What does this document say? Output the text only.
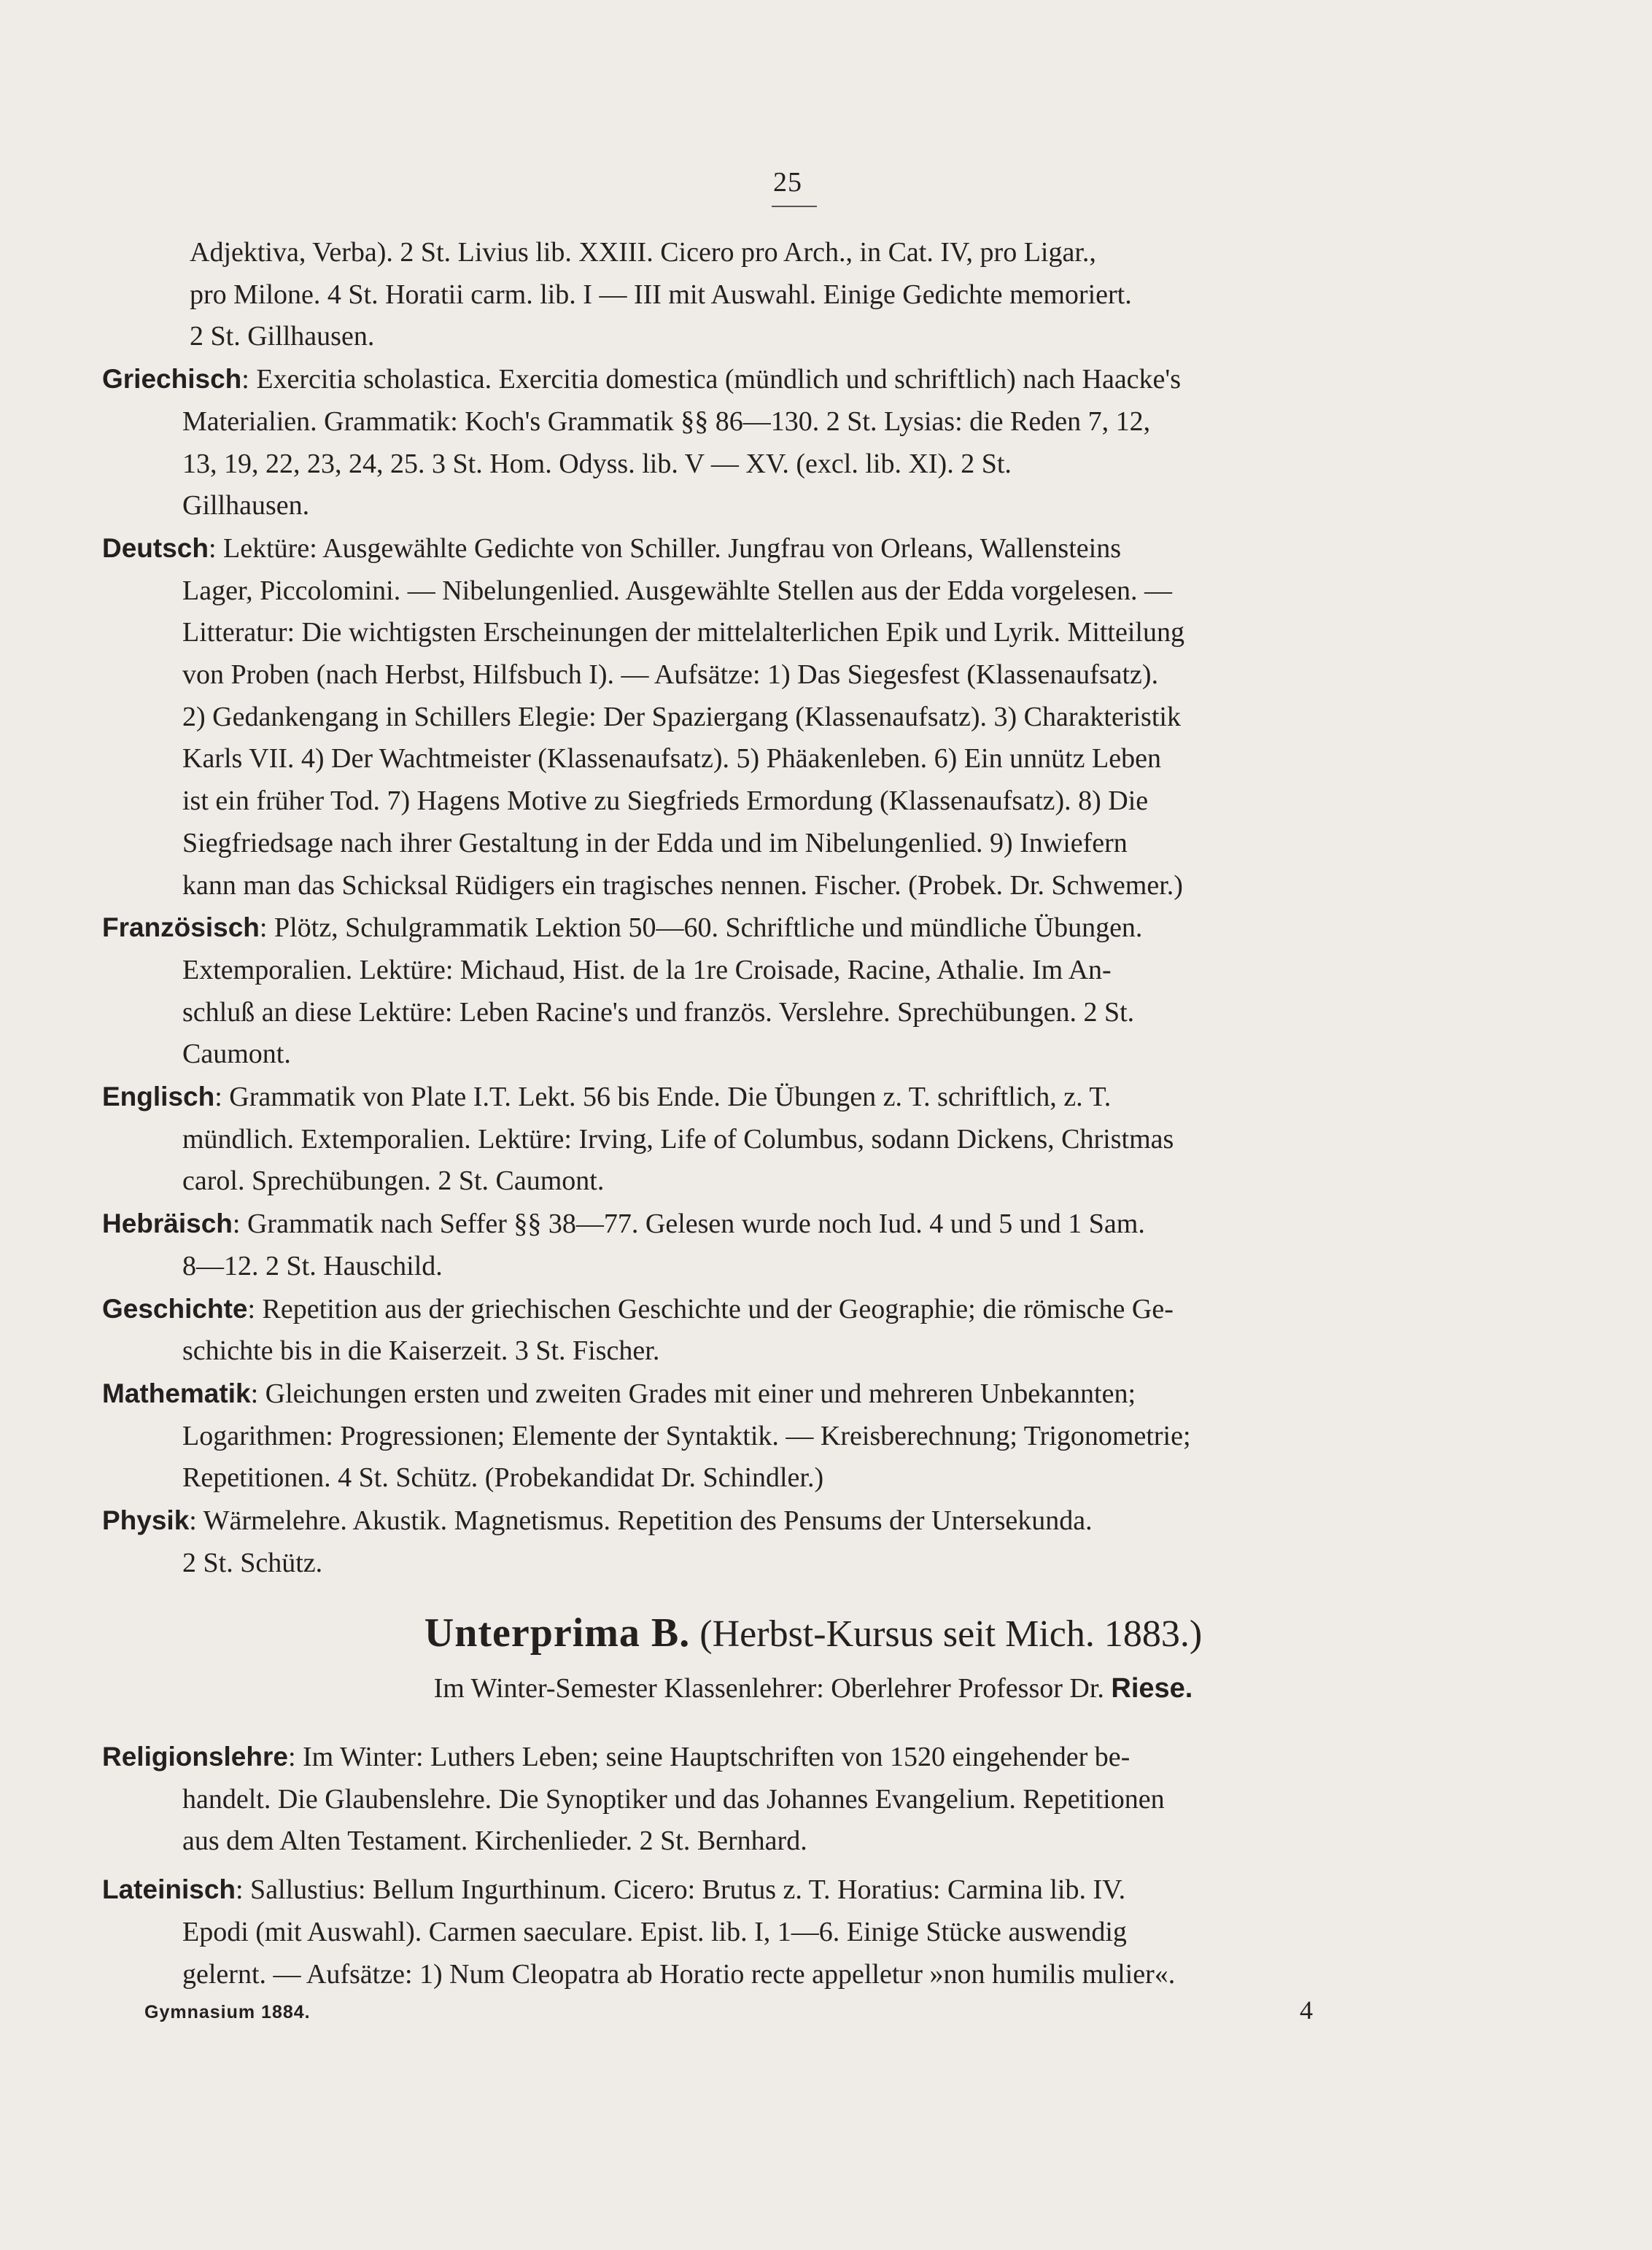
25

Adjektiva, Verba). 2 St. Livius lib. XXIII. Cicero pro Arch., in Cat. IV, pro Ligar.,
pro Milone. 4 St. Horatii carm. lib. I — III mit Auswahl. Einige Gedichte memoriert.
2 St. Gillhausen.

Griechisch: Exercitia scholastica. Exercitia domestica (mündlich und schriftlich) nach Haacke's
Materialien. Grammatik: Koch's Grammatik §§ 86—130. 2 St. Lysias: die Reden 7, 12,
13, 19, 22, 23, 24, 25. 3 St. Hom. Odyss. lib. V — XV. (excl. lib. XI). 2 St.
Gillhausen.

Deutsch: Lektüre: Ausgewählte Gedichte von Schiller. Jungfrau von Orleans, Wallensteins
Lager, Piccolomini. — Nibelungenlied. Ausgewählte Stellen aus der Edda vorgelesen. —
Litteratur: Die wichtigsten Erscheinungen der mittelalterlichen Epik und Lyrik. Mitteilung
von Proben (nach Herbst, Hilfsbuch I). — Aufsätze: 1) Das Siegesfest (Klassenaufsatz).
2) Gedankengang in Schillers Elegie: Der Spaziergang (Klassenaufsatz). 3) Charakteristik
Karls VII. 4) Der Wachtmeister (Klassenaufsatz). 5) Phäakenleben. 6) Ein unnütz Leben
ist ein früher Tod. 7) Hagens Motive zu Siegfrieds Ermordung (Klassenaufsatz). 8) Die
Siegfriedsage nach ihrer Gestaltung in der Edda und im Nibelungenlied. 9) Inwiefern
kann man das Schicksal Rüdigers ein tragisches nennen. Fischer. (Probek. Dr. Schwemer.)

Französisch: Plötz, Schulgrammatik Lektion 50—60. Schriftliche und mündliche Übungen.
Extemporalien. Lektüre: Michaud, Hist. de la 1re Croisade, Racine, Athalie. Im An-
schluß an diese Lektüre: Leben Racine's und französ. Verslehre. Sprechübungen. 2 St.
Caumont.

Englisch: Grammatik von Plate I.T. Lekt. 56 bis Ende. Die Übungen z. T. schriftlich, z. T.
mündlich. Extemporalien. Lektüre: Irving, Life of Columbus, sodann Dickens, Christmas
carol. Sprechübungen. 2 St. Caumont.

Hebräisch: Grammatik nach Seffer §§ 38—77. Gelesen wurde noch Iud. 4 und 5 und 1 Sam.
8—12. 2 St. Hauschild.

Geschichte: Repetition aus der griechischen Geschichte und der Geographie; die römische Ge-
schichte bis in die Kaiserzeit. 3 St. Fischer.

Mathematik: Gleichungen ersten und zweiten Grades mit einer und mehreren Unbekannten;
Logarithmen: Progressionen; Elemente der Syntaktik. — Kreisberechnung; Trigonometrie;
Repetitionen. 4 St. Schütz. (Probekandidat Dr. Schindler.)

Physik: Wärmelehre. Akustik. Magnetismus. Repetition des Pensums der Untersekunda.
2 St. Schütz.

Unterprima B. (Herbst-Kursus seit Mich. 1883.)
Im Winter-Semester Klassenlehrer: Oberlehrer Professor Dr. Riese.

Religionslehre: Im Winter: Luthers Leben; seine Hauptschriften von 1520 eingehender be-
handelt. Die Glaubenslehre. Die Synoptiker und das Johannes Evangelium. Repetitionen
aus dem Alten Testament. Kirchenlieder. 2 St. Bernhard.

Lateinisch: Sallustius: Bellum Ingurthinum. Cicero: Brutus z. T. Horatius: Carmina lib. IV.
Epodi (mit Auswahl). Carmen saeculare. Epist. lib. I, 1—6. Einige Stücke auswendig
gelernt. — Aufsätze: 1) Num Cleopatra ab Horatio recte appelletur »non humilis mulier«.

Gymnasium 1884.	4
